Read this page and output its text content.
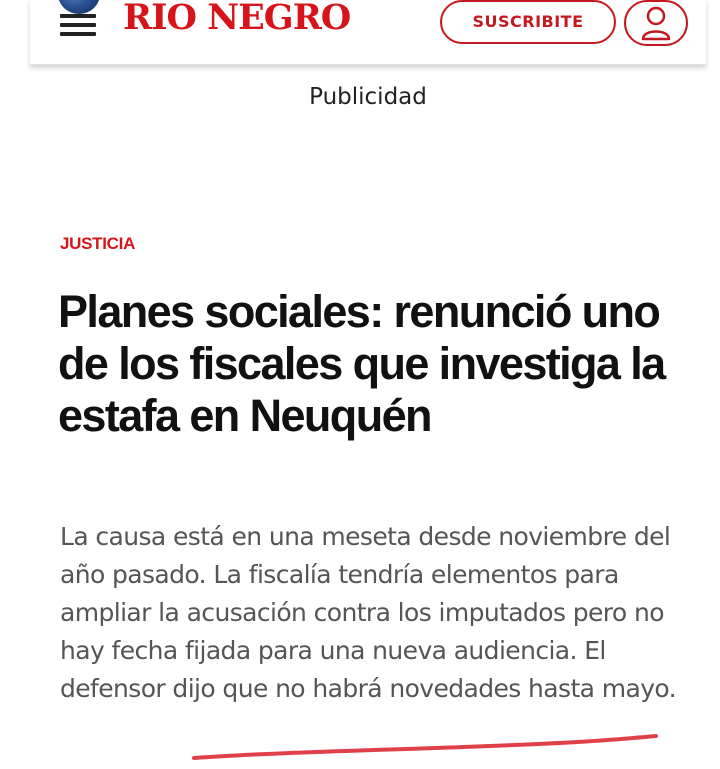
RIO NEGRO	SUSCRIBITE
Publicidad
JUSTICIA
Planes sociales: renunció uno de los fiscales que investiga la estafa en Neuquén

La causa está en una meseta desde noviembre del año pasado. La fiscalía tendría elementos para ampliar la acusación contra los imputados pero no hay fecha fijada para una nueva audiencia. El defensor dijo que no habrá novedades hasta mayo.
